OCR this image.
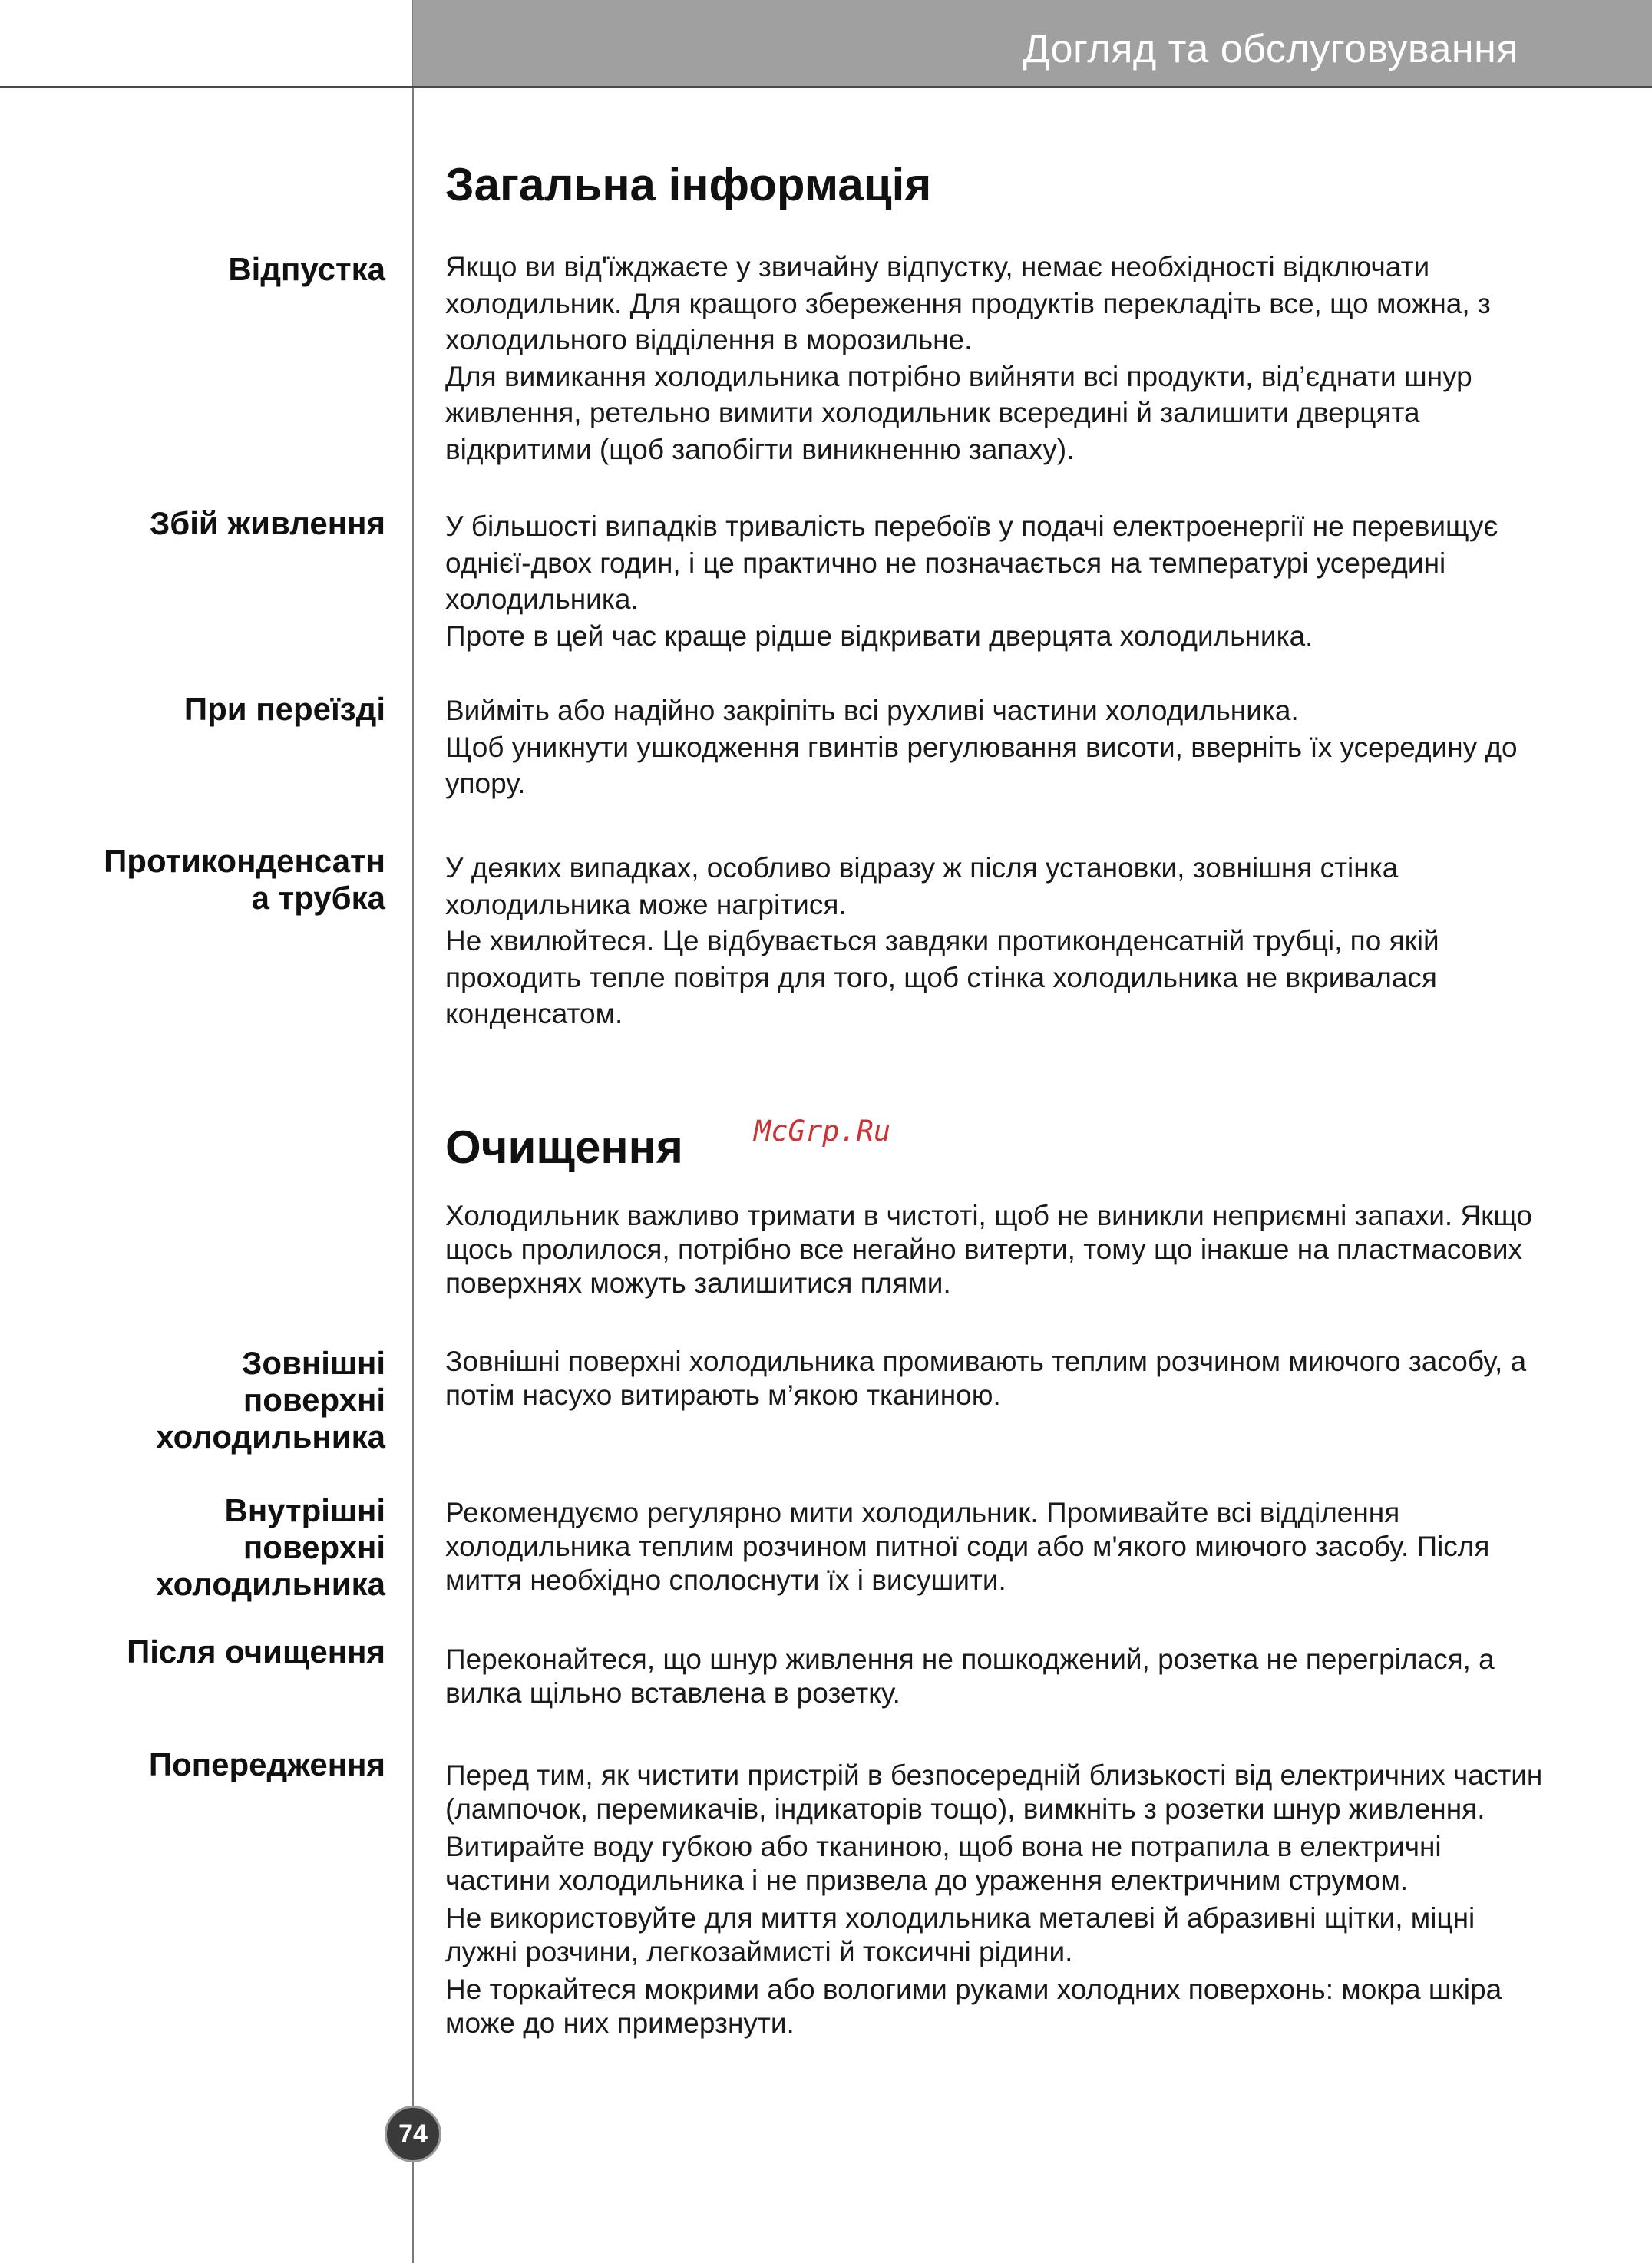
Догляд та обслуговування
Загальна інформація
Відпустка Якщо ви від'їжджаєте у звичайну відпустку, немає необхідності відключати холодильник. Для кращого збереження продуктів перекладіть все, що можна, з холодильного відділення в морозильне.

Для вимикання холодильника потрібно вийняти всі продукти, від’єднати шнур живлення, ретельно вимити холодильник всередині й залишити дверцята відкритими (щоб запобігти виникненню запаху).

Збій живлення У більшості випадків тривалість перебоїв у подачі електроенергії не перевищує однієї-двох годин, і це практично не позначається на температурі усередині холодильника.

Проте в цей час краще рідше відкривати дверцята холодильника.

При переїзді Вийміть або надійно закріпіть всі рухливі частини холодильника.

Щоб уникнути ушкодження гвинтів регулювання висоти, вверніть їх усередину до упору.

Протиконденсатн
а трубка

У деяких випадках, особливо відразу ж після установки, зовнішня стінка холодильника може нагрітися.

Не хвилюйтеся. Це відбувається завдяки протиконденсатній трубці, по якій проходить тепле повітря для того, щоб стінка холодильника не вкривалася конденсатом.

Очищення McGrp.Ru
Холодильник важливо тримати в чистоті, щоб не виникли неприємні запахи. Якщо щось пролилося, потрібно все негайно витерти, тому що інакше на пластмасових поверхнях можуть залишитися плями.
Зовнішні
поверхні
холодильника
Зовнішні поверхні холодильника промивають теплим розчином миючого засобу, а потім насухо витирають м’якою тканиною.
Внутрішні
поверхні
холодильника
Рекомендуємо регулярно мити холодильник. Промивайте всі відділення холодильника теплим розчином питної соди або м'якого миючого засобу. Після миття необхідно сполоснути їх і висушити.
Після очищення Переконайтеся, що шнур живлення не пошкоджений, розетка не перегрілася, а вилка щільно вставлена в розетку.
Попередження Перед тим, як чистити пристрій в безпосередній близькості від електричних частин (лампочок, перемикачів, індикаторів тощо), вимкніть з розетки шнур живлення.

Витирайте воду губкою або тканиною, щоб вона не потрапила в електричні частини холодильника і не призвела до ураження електричним струмом.

Не використовуйте для миття холодильника металеві й абразивні щітки, міцні лужні розчини, легкозаймисті й токсичні рідини.

Не торкайтеся мокрими або вологими руками холодних поверхонь: мокра шкіра може до них примерзнути.

74
